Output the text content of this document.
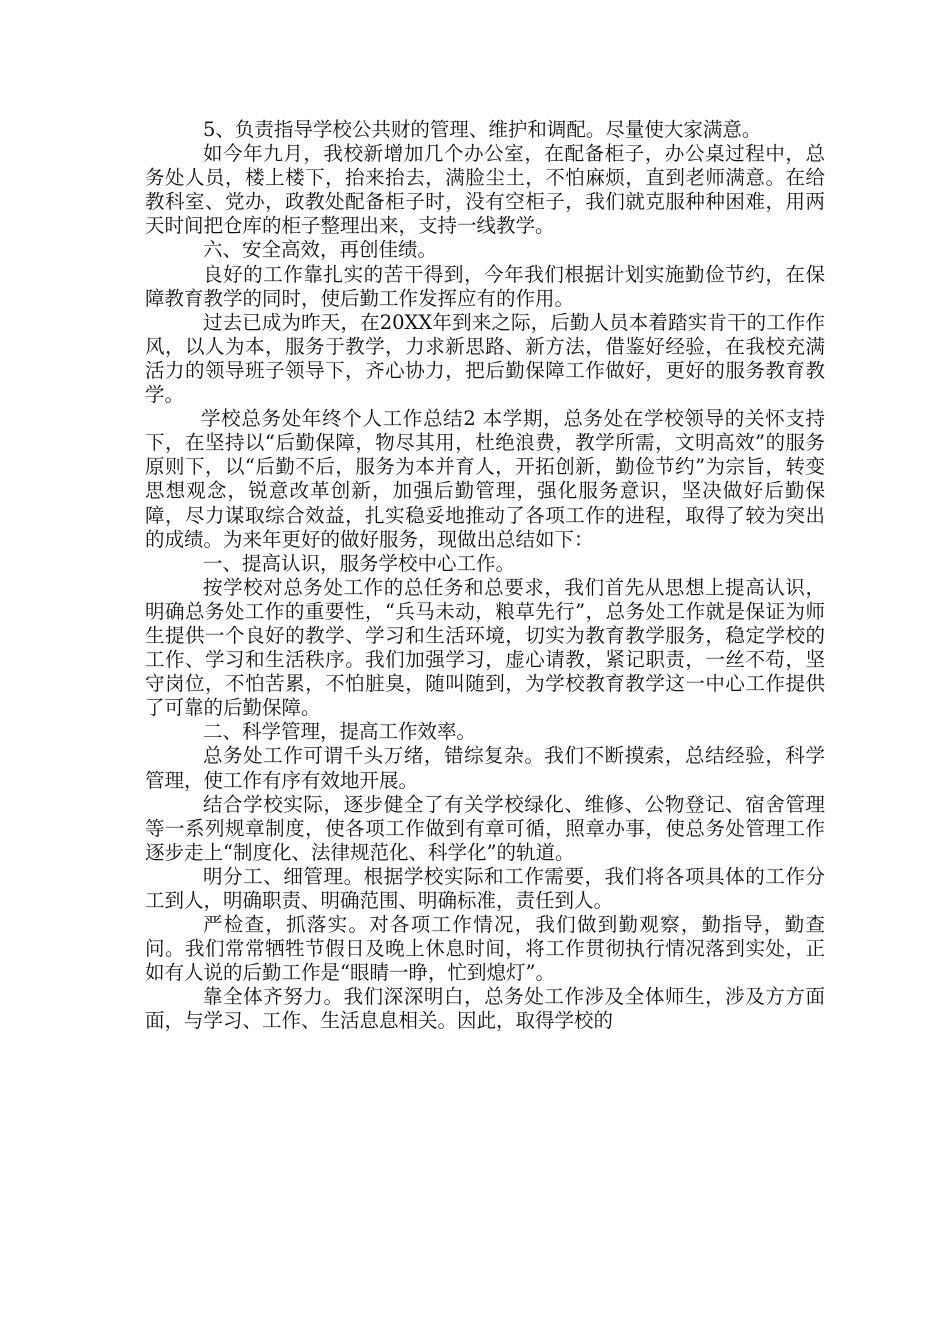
5、负责指导学校公共财的管理、维护和调配。尽量使大家满意。

如今年九月，我校新增加几个办公室，在配备柜子，办公桌过程中，总务处人员，楼上楼下，抬来抬去，满脸尘土，不怕麻烦，直到老师满意。在给教科室、党办，政教处配备柜子时，没有空柜子，我们就克服种种困难，用两天时间把仓库的柜子整理出来，支持一线教学。

六、安全高效，再创佳绩。

良好的工作靠扎实的苦干得到，今年我们根据计划实施勤俭节约，在保障教育教学的同时，使后勤工作发挥应有的作用。

过去已成为昨天，在20XX年到来之际，后勤人员本着踏实肯干的工作作风，以人为本，服务于教学，力求新思路、新方法，借鉴好经验，在我校充满活力的领导班子领导下，齐心协力，把后勤保障工作做好，更好的服务教育教学。

学校总务处年终个人工作总结2 本学期，总务处在学校领导的关怀支持下，在坚持以“后勤保障，物尽其用，杜绝浪费，教学所需，文明高效”的服务原则下，以“后勤不后，服务为本并育人，开拓创新，勤俭节约”为宗旨，转变思想观念，锐意改革创新，加强后勤管理，强化服务意识，坚决做好后勤保障，尽力谋取综合效益，扎实稳妥地推动了各项工作的进程，取得了较为突出的成绩。为来年更好的做好服务，现做出总结如下：

一、提高认识，服务学校中心工作。

按学校对总务处工作的总任务和总要求，我们首先从思想上提高认识，明确总务处工作的重要性，“兵马未动，粮草先行”，总务处工作就是保证为师生提供一个良好的教学、学习和生活环境，切实为教育教学服务，稳定学校的工作、学习和生活秩序。我们加强学习，虚心请教，紧记职责，一丝不苟，坚守岗位，不怕苦累，不怕脏臭，随叫随到，为学校教育教学这一中心工作提供了可靠的后勤保障。

二、科学管理，提高工作效率。

总务处工作可谓千头万绪，错综复杂。我们不断摸索，总结经验，科学管理，使工作有序有效地开展。

结合学校实际，逐步健全了有关学校绿化、维修、公物登记、宿舍管理等一系列规章制度，使各项工作做到有章可循，照章办事，使总务处管理工作逐步走上“制度化、法律规范化、科学化”的轨道。

明分工、细管理。根据学校实际和工作需要，我们将各项具体的工作分工到人，明确职责、明确范围、明确标准，责任到人。

严检查，抓落实。对各项工作情况，我们做到勤观察，勤指导，勤查问。我们常常牺牲节假日及晚上休息时间，将工作贯彻执行情况落到实处，正如有人说的后勤工作是“眼睛一睁，忙到熄灯”。

靠全体齐努力。我们深深明白，总务处工作涉及全体师生，涉及方方面面，与学习、工作、生活息息相关。因此，取得学校的
